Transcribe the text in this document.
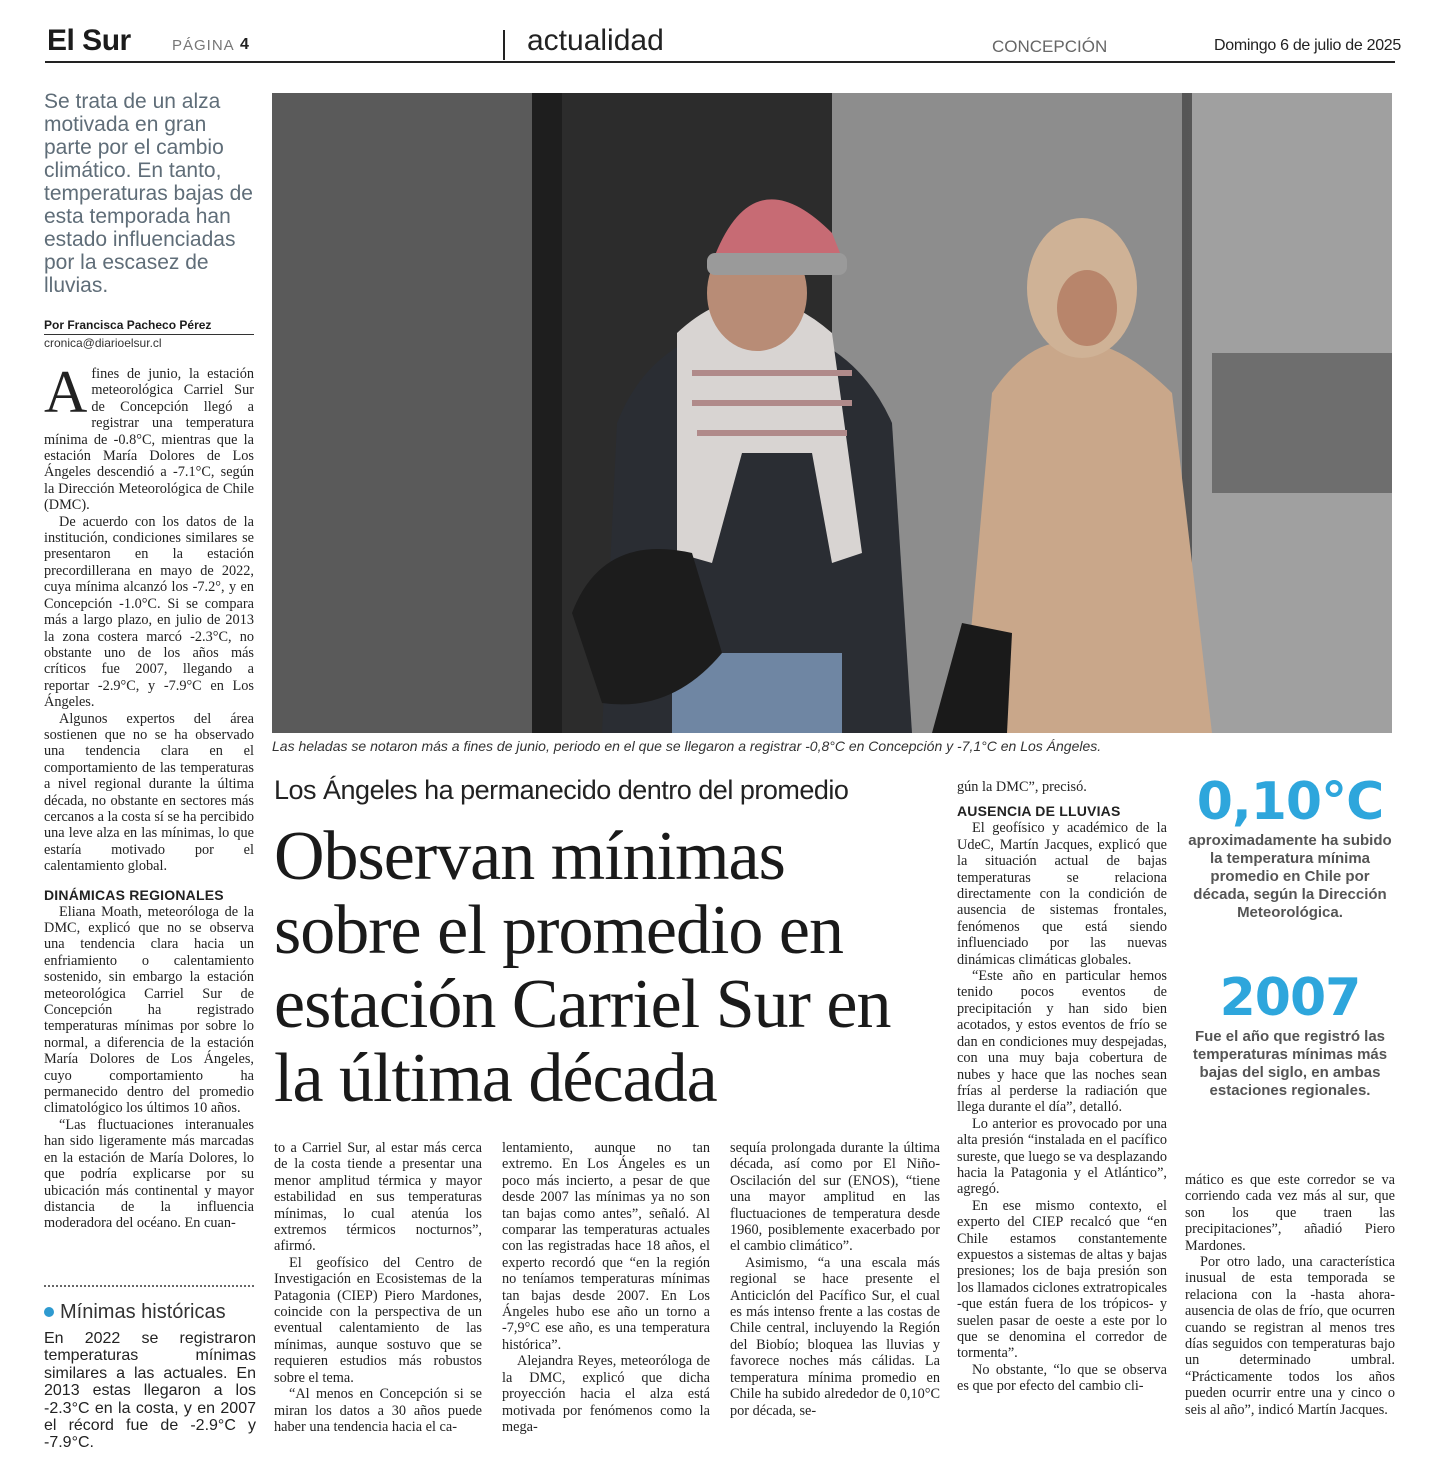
El Sur	PÁGINA 4	actualidad	CONCEPCIÓN	Domingo 6 de julio de 2025
Se trata de un alza motivada en gran parte por el cambio climático. En tanto, temperaturas bajas de esta temporada han estado influenciadas por la escasez de lluvias.
Por Francisca Pacheco Pérez
cronica@diarioelsur.cl

Afines de junio, la estación meteorológica Carriel Sur de Concepción llegó a registrar una temperatura mínima de -0.8°C, mientras que la estación María Dolores de Los Ángeles descendió a -7.1°C, según la Dirección Meteorológica de Chile (DMC).

De acuerdo con los datos de la institución, condiciones similares se presentaron en la estación precordillerana en mayo de 2022, cuya mínima alcanzó los -7.2°, y en Concepción -1.0°C. Si se compara más a largo plazo, en julio de 2013 la zona costera marcó -2.3°C, no obstante uno de los años más críticos fue 2007, llegando a reportar -2.9°C, y -7.9°C en Los Ángeles.

Algunos expertos del área sostienen que no se ha observado una tendencia clara en el comportamiento de las temperaturas a nivel regional durante la última década, no obstante en sectores más cercanos a la costa sí se ha percibido una leve alza en las mínimas, lo que estaría motivado por el calentamiento global.

DINÁMICAS REGIONALES

Eliana Moath, meteoróloga de la DMC, explicó que no se observa una tendencia clara hacia un enfriamiento o calentamiento sostenido, sin embargo la estación meteorológica Carriel Sur de Concepción ha registrado temperaturas mínimas por sobre lo normal, a diferencia de la estación María Dolores de Los Ángeles, cuyo comportamiento ha permanecido dentro del promedio climatológico los últimos 10 años.

“Las fluctuaciones interanuales han sido ligeramente más marcadas en la estación de María Dolores, lo que podría explicarse por su ubicación más continental y mayor distancia de la influencia moderadora del océano. En cuan-

Mínimas históricas
En 2022 se registraron temperaturas mínimas similares a las actuales. En 2013 estas llegaron a los -2.3°C en la costa, y en 2007 el récord fue de -2.9°C y -7.9°C.
Las heladas se notaron más a fines de junio, periodo en el que se llegaron a registrar -0,8°C en Concepción y -7,1°C en Los Ángeles.
Los Ángeles ha permanecido dentro del promedio
Observan mínimas sobre el promedio en estación Carriel Sur en la última década

to a Carriel Sur, al estar más cerca de la costa tiende a presentar una menor amplitud térmica y mayor estabilidad en sus temperaturas mínimas, lo cual atenúa los extremos térmicos nocturnos”, afirmó.

El geofísico del Centro de Investigación en Ecosistemas de la Patagonia (CIEP) Piero Mardones, coincide con la perspectiva de un eventual calentamiento de las mínimas, aunque sostuvo que se requieren estudios más robustos sobre el tema.

“Al menos en Concepción si se miran los datos a 30 años puede haber una tendencia hacia el ca-

lentamiento, aunque no tan extremo. En Los Ángeles es un poco más incierto, a pesar de que desde 2007 las mínimas ya no son tan bajas como antes”, señaló. Al comparar las temperaturas actuales con las registradas hace 18 años, el experto recordó que “en la región no teníamos temperaturas mínimas tan bajas desde 2007. En Los Ángeles hubo ese año un torno a -7,9°C ese año, es una temperatura histórica”.

Alejandra Reyes, meteoróloga de la DMC, explicó que dicha proyección hacia el alza está motivada por fenómenos como la mega-

sequía prolongada durante la última década, así como por El Niño-Oscilación del sur (ENOS), “tiene una mayor amplitud en las fluctuaciones de temperatura desde 1960, posiblemente exacerbado por el cambio climático”.

Asimismo, “a una escala más regional se hace presente el Anticiclón del Pacífico Sur, el cual es más intenso frente a las costas de Chile central, incluyendo la Región del Biobío; bloquea las lluvias y favorece noches más cálidas. La temperatura mínima promedio en Chile ha subido alrededor de 0,10°C por década, se-

gún la DMC”, precisó.

AUSENCIA DE LLUVIAS

El geofísico y académico de la UdeC, Martín Jacques, explicó que la situación actual de bajas temperaturas se relaciona directamente con la condición de ausencia de sistemas frontales, fenómenos que está siendo influenciado por las nuevas dinámicas climáticas globales.

“Este año en particular hemos tenido pocos eventos de precipitación y han sido bien acotados, y estos eventos de frío se dan en condiciones muy despejadas, con una muy baja cobertura de nubes y hace que las noches sean frías al perderse la radiación que llega durante el día”, detalló.

Lo anterior es provocado por una alta presión “instalada en el pacífico sureste, que luego se va desplazando hacia la Patagonia y el Atlántico”, agregó.

En ese mismo contexto, el experto del CIEP recalcó que “en Chile estamos constantemente expuestos a sistemas de altas y bajas presiones; los de baja presión son los llamados ciclones extratropicales -que están fuera de los trópicos- y suelen pasar de oeste a este por lo que se denomina el corredor de tormenta”.

No obstante, “lo que se observa es que por efecto del cambio cli-

0,10°C
aproximadamente ha subido la temperatura mínima promedio en Chile por década, según la Dirección Meteorológica.
2007
Fue el año que registró las temperaturas mínimas más bajas del siglo, en ambas estaciones regionales.

mático es que este corredor se va corriendo cada vez más al sur, que son los que traen las precipitaciones”, añadió Piero Mardones.

Por otro lado, una característica inusual de esta temporada se relaciona con la -hasta ahora- ausencia de olas de frío, que ocurren cuando se registran al menos tres días seguidos con temperaturas bajo un determinado umbral. “Prácticamente todos los años pueden ocurrir entre una y cinco o seis al año”, indicó Martín Jacques.
